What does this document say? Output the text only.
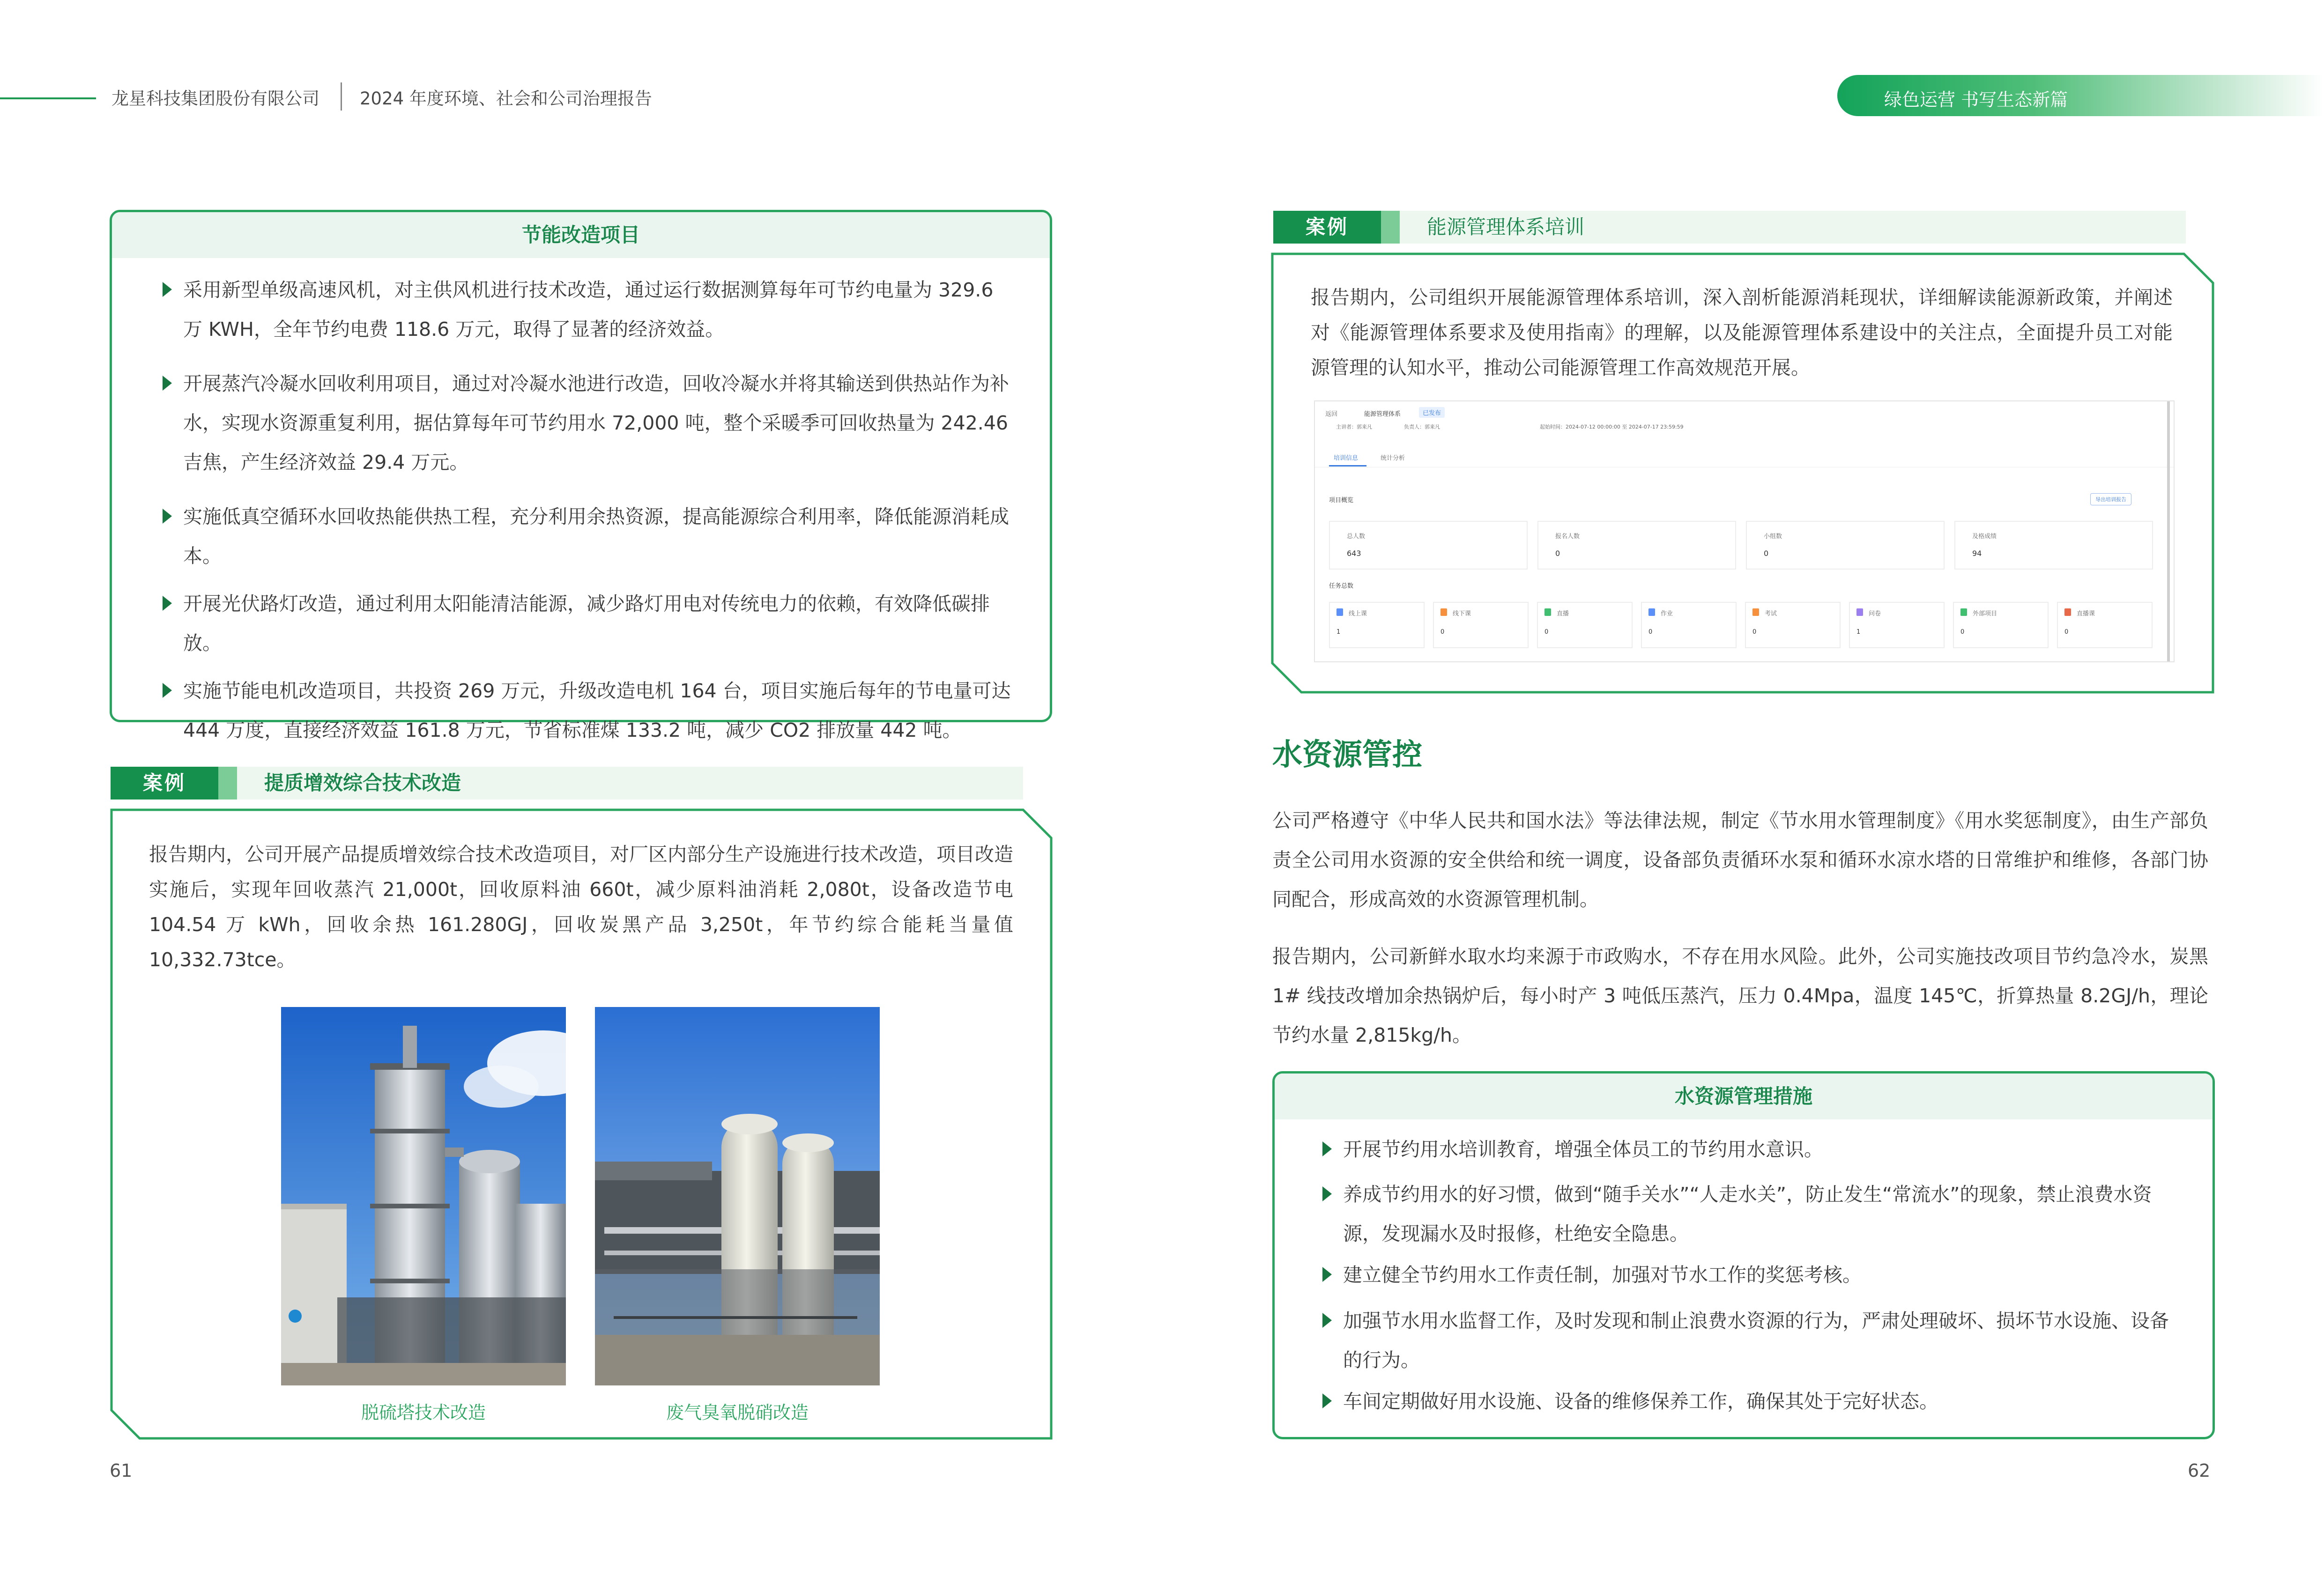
龙星科技集团股份有限公司 2024 年度环境、社会和公司治理报告	绿色运营 书写生态新篇
节能改造项目
采用新型单级高速风机，对主供风机进行技术改造，通过运行数据测算每年可节约电量为 329.6 万 KWH，全年节约电费 118.6 万元，取得了显著的经济效益。
开展蒸汽冷凝水回收利用项目，通过对冷凝水池进行改造，回收冷凝水并将其输送到供热站作为补水，实现水资源重复利用，据估算每年可节约用水 72,000 吨，整个采暖季可回收热量为 242.46 吉焦，产生经济效益 29.4 万元。
实施低真空循环水回收热能供热工程，充分利用余热资源，提高能源综合利用率，降低能源消耗成本。
开展光伏路灯改造，通过利用太阳能清洁能源，减少路灯用电对传统电力的依赖，有效降低碳排放。
实施节能电机改造项目，共投资 269 万元，升级改造电机 164 台，项目实施后每年的节电量可达 444 万度，直接经济效益 161.8 万元，节省标准煤 133.2 吨，减少 CO2 排放量 442 吨。
案例	提质增效综合技术改造
报告期内，公司开展产品提质增效综合技术改造项目，对厂区内部分生产设施进行技术改造，项目改造实施后，实现年回收蒸汽 21,000t，回收原料油 660t，减少原料油消耗 2,080t，设备改造节电 104.54 万 kWh，回收余热 161.280GJ，回收炭黑产品 3,250t，年节约综合能耗当量值 10,332.73tce。
脱硫塔技术改造	废气臭氧脱硝改造
61
案例	能源管理体系培训
报告期内，公司组织开展能源管理体系培训，深入剖析能源消耗现状，详细解读能源新政策，并阐述对《能源管理体系要求及使用指南》的理解，以及能源管理体系建设中的关注点，全面提升员工对能源管理的认知水平，推动公司能源管理工作高效规范开展。
返回	能源管理体系	已发布
主讲者：郭来凡	负责人：郭来凡	起始时间：2024-07-12 00:00:00 至 2024-07-17 23:59:59
培训信息	统计分析
项目概览	导出培训报告
总人数
643
报名人数
0
小组数
0
及格成绩
94
任务总数
线上课
1
线下课
0
直播
0
作业
0
考试
0
问卷
1
外部项目
0
直播课
0
水资源管控
公司严格遵守《中华人民共和国水法》等法律法规，制定《节水用水管理制度》《用水奖惩制度》，由生产部负责全公司用水资源的安全供给和统一调度，设备部负责循环水泵和循环水凉水塔的日常维护和维修，各部门协同配合，形成高效的水资源管理机制。
报告期内，公司新鲜水取水均来源于市政购水，不存在用水风险。此外，公司实施技改项目节约急冷水，炭黑 1# 线技改增加余热锅炉后，每小时产 3 吨低压蒸汽，压力 0.4Mpa，温度 145℃，折算热量 8.2GJ/h，理论节约水量 2,815kg/h。
水资源管理措施
开展节约用水培训教育，增强全体员工的节约用水意识。
养成节约用水的好习惯，做到“随手关水”“人走水关”，防止发生“常流水”的现象，禁止浪费水资源，发现漏水及时报修，杜绝安全隐患。
建立健全节约用水工作责任制，加强对节水工作的奖惩考核。
加强节水用水监督工作，及时发现和制止浪费水资源的行为，严肃处理破坏、损坏节水设施、设备的行为。
车间定期做好用水设施、设备的维修保养工作，确保其处于完好状态。
62
